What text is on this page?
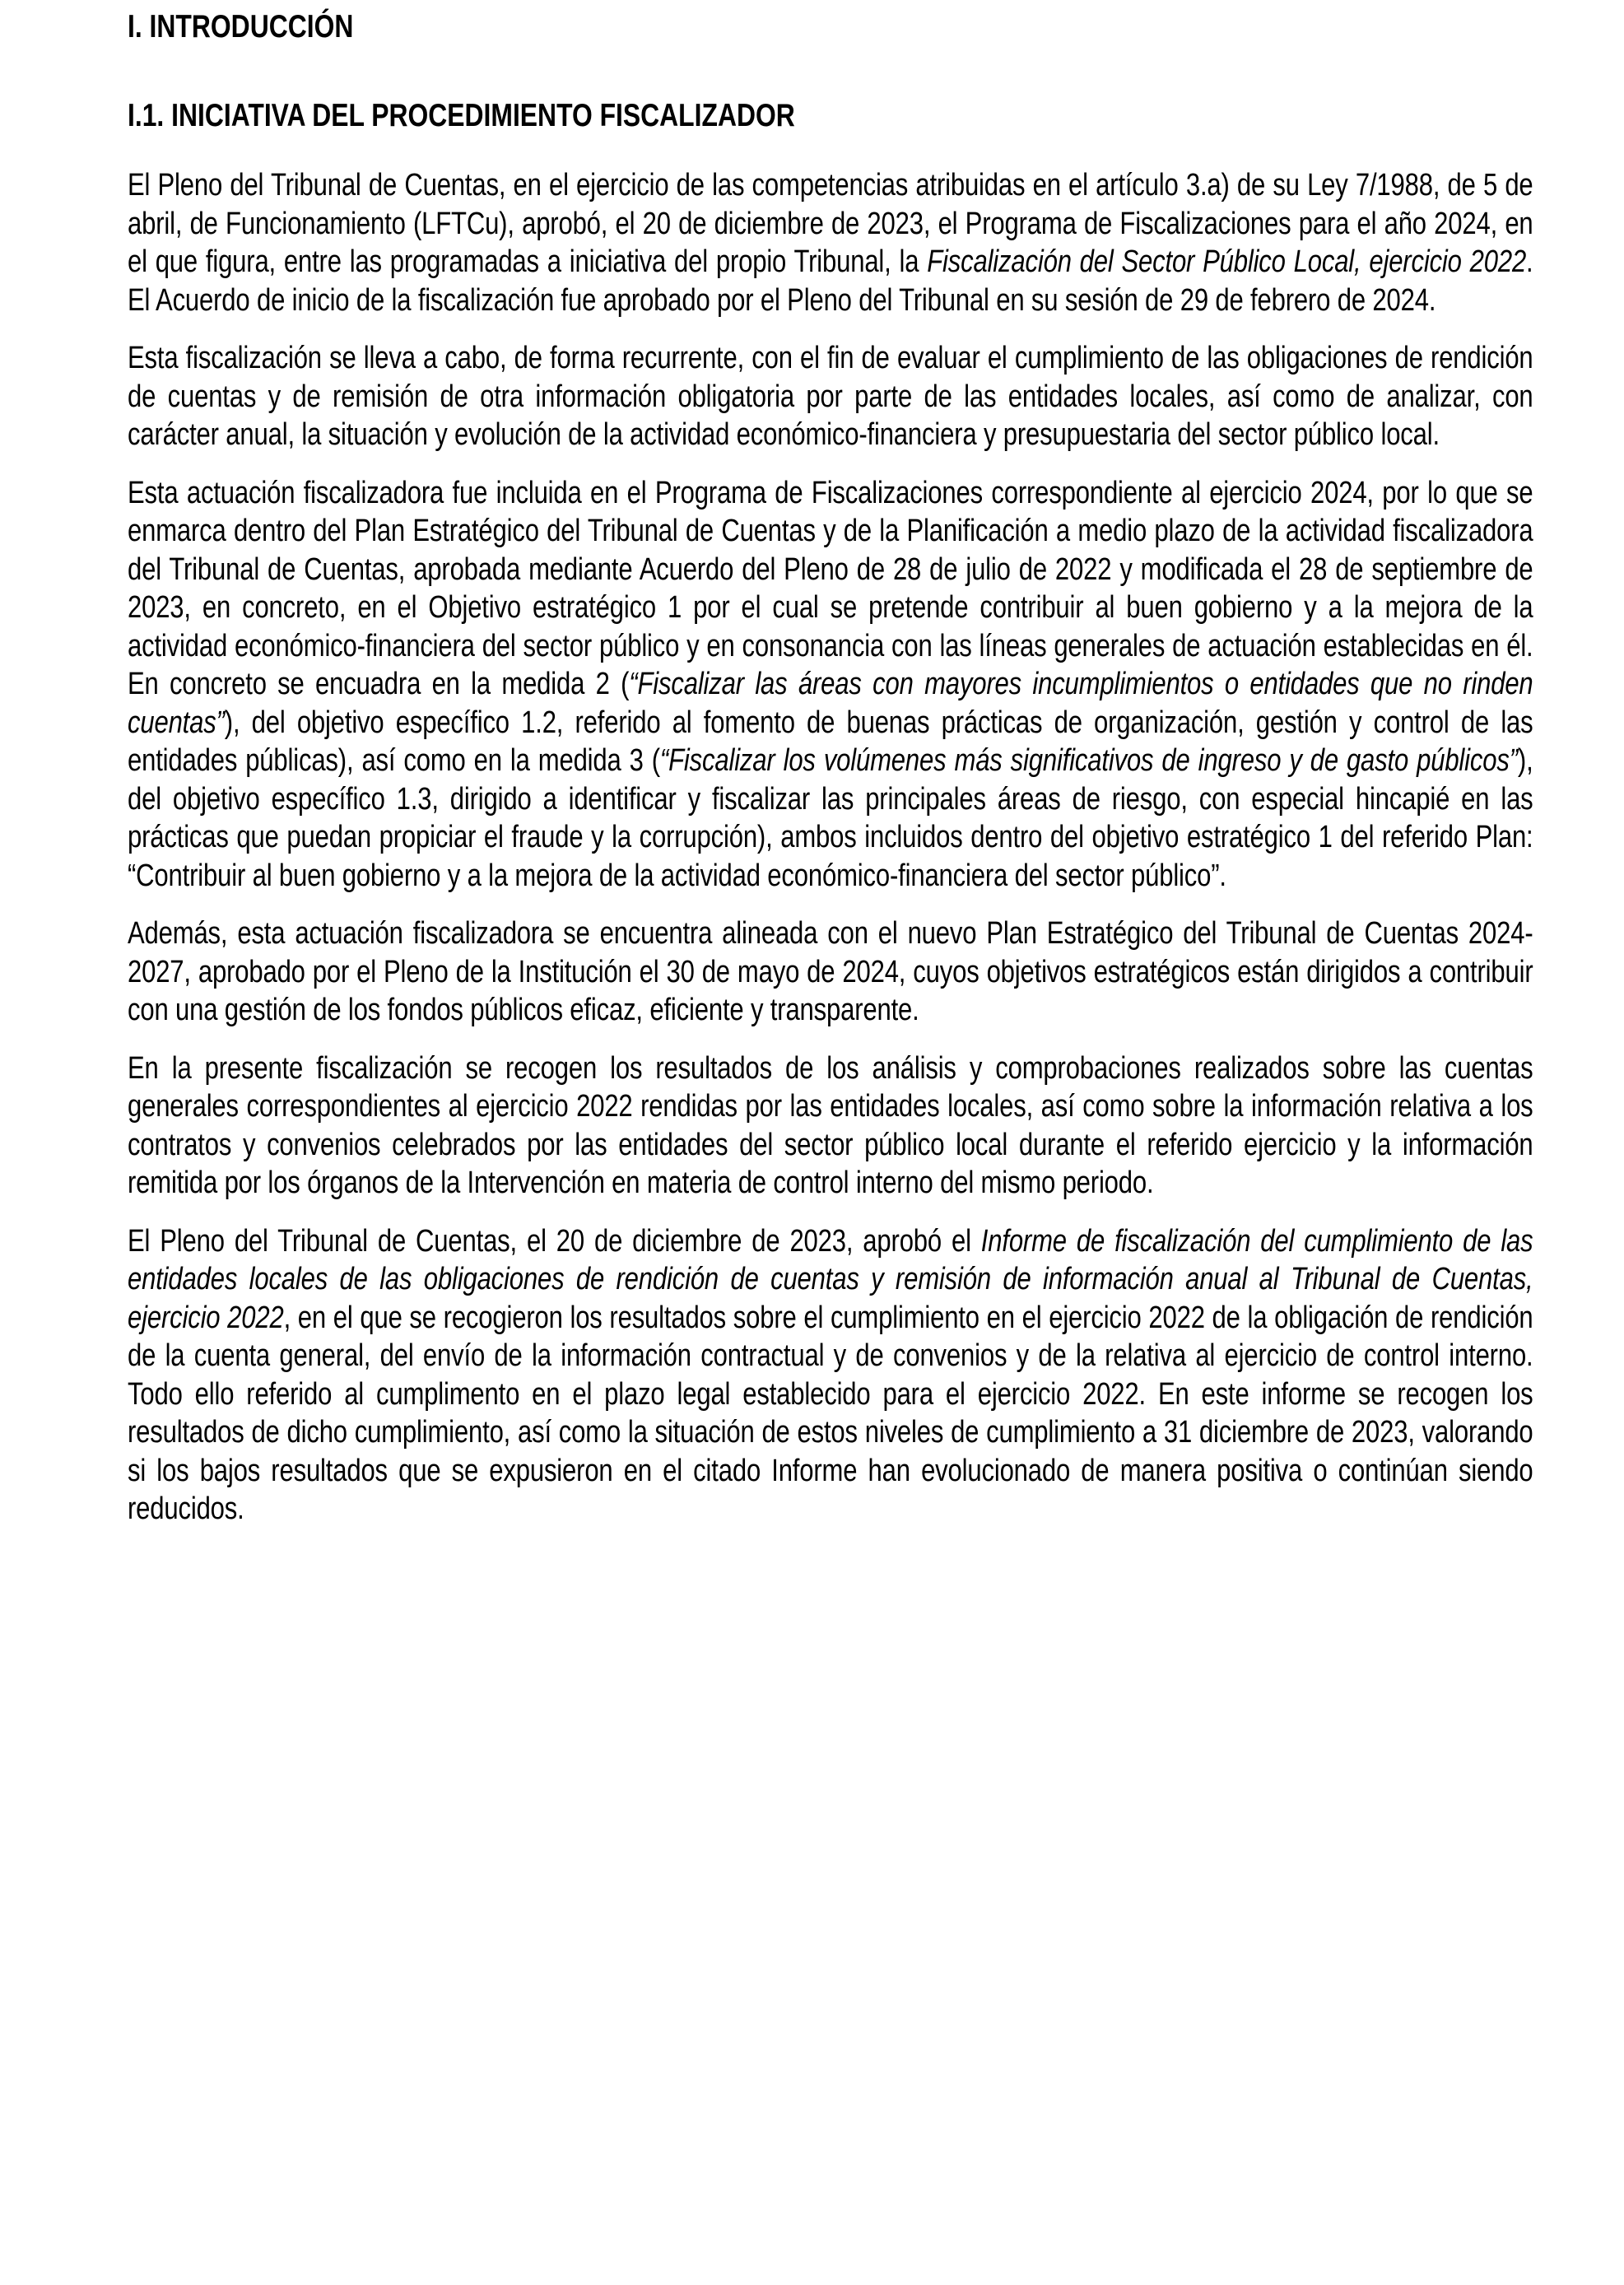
I. INTRODUCCIÓN
I.1. INICIATIVA DEL PROCEDIMIENTO FISCALIZADOR

El Pleno del Tribunal de Cuentas, en el ejercicio de las competencias atribuidas en el artículo 3.a) de su Ley 7/1988, de 5 de abril, de Funcionamiento (LFTCu), aprobó, el 20 de diciembre de 2023, el Programa de Fiscalizaciones para el año 2024, en el que figura, entre las programadas a iniciativa del propio Tribunal, la Fiscalización del Sector Público Local, ejercicio 2022. El Acuerdo de inicio de la fiscalización fue aprobado por el Pleno del Tribunal en su sesión de 29 de febrero de 2024.

Esta fiscalización se lleva a cabo, de forma recurrente, con el fin de evaluar el cumplimiento de las obligaciones de rendición de cuentas y de remisión de otra información obligatoria por parte de las entidades locales, así como de analizar, con carácter anual, la situación y evolución de la actividad económico-financiera y presupuestaria del sector público local.

Esta actuación fiscalizadora fue incluida en el Programa de Fiscalizaciones correspondiente al ejercicio 2024, por lo que se enmarca dentro del Plan Estratégico del Tribunal de Cuentas y de la Planificación a medio plazo de la actividad fiscalizadora del Tribunal de Cuentas, aprobada mediante Acuerdo del Pleno de 28 de julio de 2022 y modificada el 28 de septiembre de 2023, en concreto, en el Objetivo estratégico 1 por el cual se pretende contribuir al buen gobierno y a la mejora de la actividad económico-financiera del sector público y en consonancia con las líneas generales de actuación establecidas en él. En concreto se encuadra en la medida 2 (“Fiscalizar las áreas con mayores incumplimientos o entidades que no rinden cuentas”), del objetivo específico 1.2, referido al fomento de buenas prácticas de organización, gestión y control de las entidades públicas), así como en la medida 3 (“Fiscalizar los volúmenes más significativos de ingreso y de gasto públicos”), del objetivo específico 1.3, dirigido a identificar y fiscalizar las principales áreas de riesgo, con especial hincapié en las prácticas que puedan propiciar el fraude y la corrupción), ambos incluidos dentro del objetivo estratégico 1 del referido Plan: “Contribuir al buen gobierno y a la mejora de la actividad económico-financiera del sector público”.

Además, esta actuación fiscalizadora se encuentra alineada con el nuevo Plan Estratégico del Tribunal de Cuentas 2024-2027, aprobado por el Pleno de la Institución el 30 de mayo de 2024, cuyos objetivos estratégicos están dirigidos a contribuir con una gestión de los fondos públicos eficaz, eficiente y transparente.

En la presente fiscalización se recogen los resultados de los análisis y comprobaciones realizados sobre las cuentas generales correspondientes al ejercicio 2022 rendidas por las entidades locales, así como sobre la información relativa a los contratos y convenios celebrados por las entidades del sector público local durante el referido ejercicio y la información remitida por los órganos de la Intervención en materia de control interno del mismo periodo.

El Pleno del Tribunal de Cuentas, el 20 de diciembre de 2023, aprobó el Informe de fiscalización del cumplimiento de las entidades locales de las obligaciones de rendición de cuentas y remisión de información anual al Tribunal de Cuentas, ejercicio 2022, en el que se recogieron los resultados sobre el cumplimiento en el ejercicio 2022 de la obligación de rendición de la cuenta general, del envío de la información contractual y de convenios y de la relativa al ejercicio de control interno. Todo ello referido al cumplimento en el plazo legal establecido para el ejercicio 2022. En este informe se recogen los resultados de dicho cumplimiento, así como la situación de estos niveles de cumplimiento a 31 diciembre de 2023, valorando si los bajos resultados que se expusieron en el citado Informe han evolucionado de manera positiva o continúan siendo reducidos.
